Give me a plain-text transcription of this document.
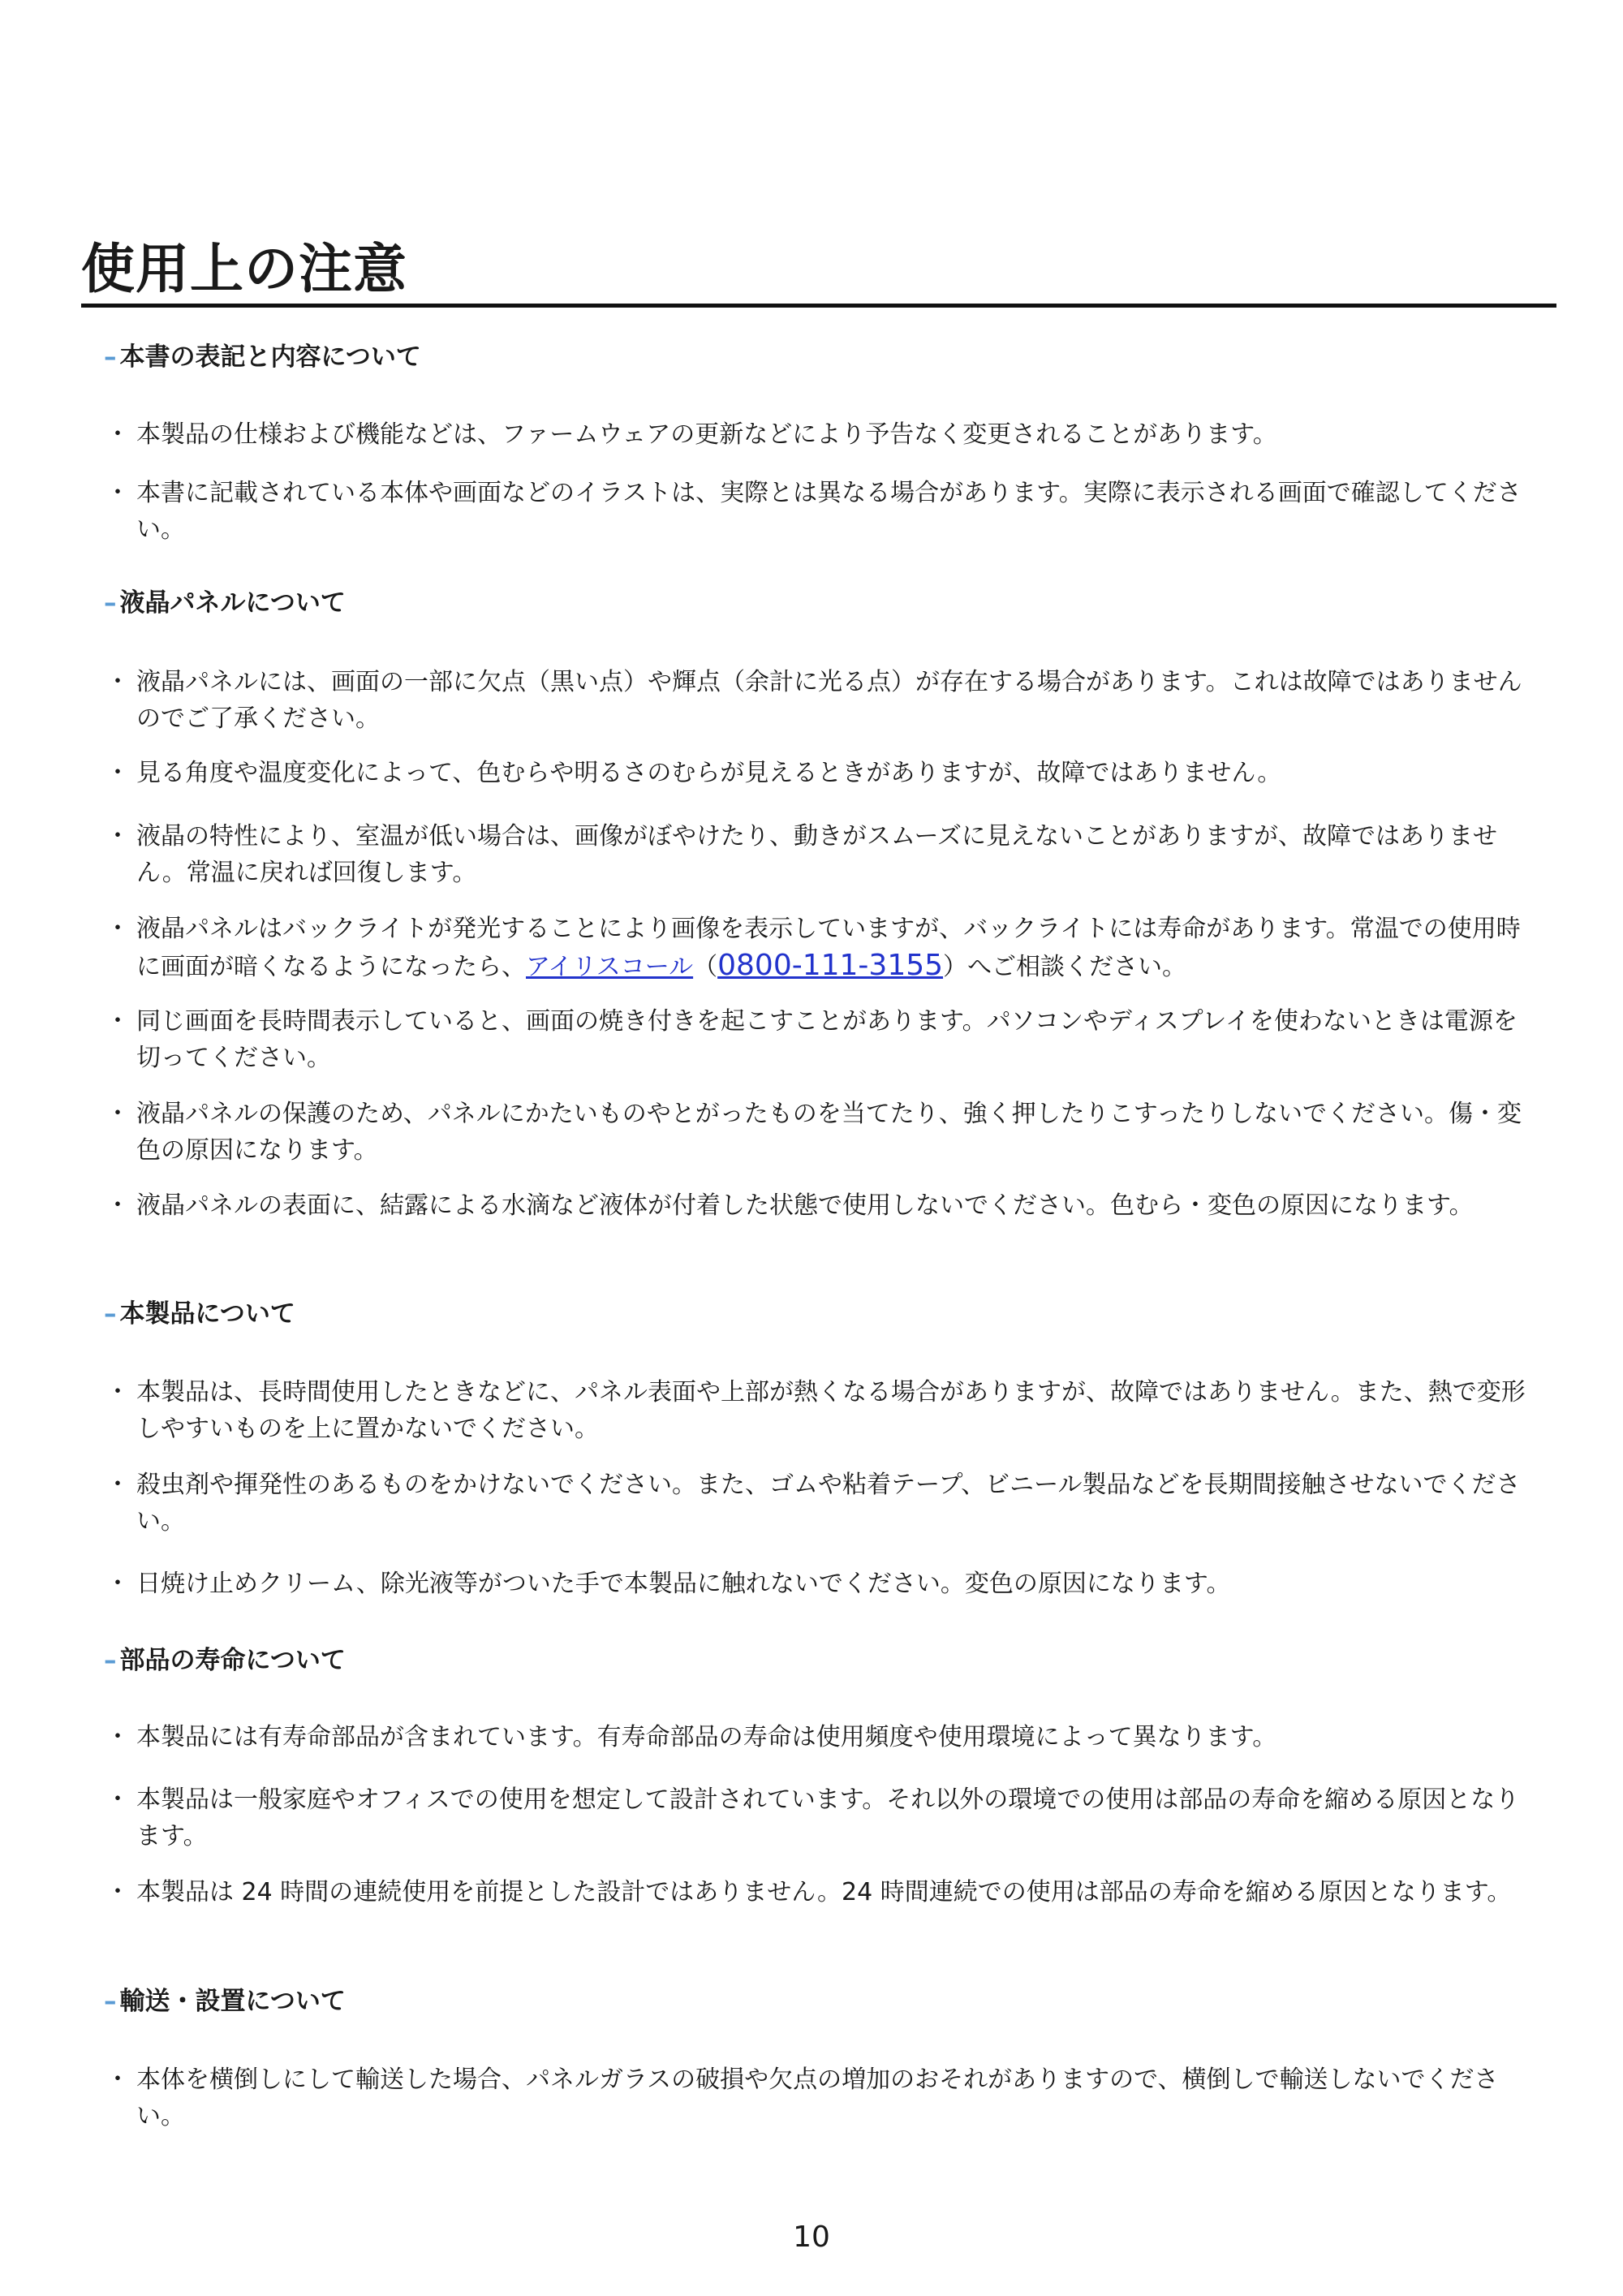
使用上の注意
– 本書の表記と内容について

・ 本製品の仕様および機能などは、ファームウェアの更新などにより予告なく変更されることがあります。

・ 本書に記載されている本体や画面などのイラストは、実際とは異なる場合があります。実際に表示される画面で確認してください。

– 液晶パネルについて

・ 液晶パネルには、画面の一部に欠点（黒い点）や輝点（余計に光る点）が存在する場合があります。これは故障ではありませんのでご了承ください。

・ 見る角度や温度変化によって、色むらや明るさのむらが見えるときがありますが、故障ではありません。

・ 液晶の特性により、室温が低い場合は、画像がぼやけたり、動きがスムーズに見えないことがありますが、故障ではありません。常温に戻れば回復します。

・ 液晶パネルはバックライトが発光することにより画像を表示していますが、バックライトには寿命があります。常温での使用時に画面が暗くなるようになったら、アイリスコール（0800-111-3155）へご相談ください。

・ 同じ画面を長時間表示していると、画面の焼き付きを起こすことがあります。パソコンやディスプレイを使わないときは電源を切ってください。

・ 液晶パネルの保護のため、パネルにかたいものやとがったものを当てたり、強く押したりこすったりしないでください。傷・変色の原因になります。

・ 液晶パネルの表面に、結露による水滴など液体が付着した状態で使用しないでください。色むら・変色の原因になります。

– 本製品について

・ 本製品は、長時間使用したときなどに、パネル表面や上部が熱くなる場合がありますが、故障ではありません。また、熱で変形しやすいものを上に置かないでください。

・ 殺虫剤や揮発性のあるものをかけないでください。また、ゴムや粘着テープ、ビニール製品などを長期間接触させないでください。

・ 日焼け止めクリーム、除光液等がついた手で本製品に触れないでください。変色の原因になります。

– 部品の寿命について

・ 本製品には有寿命部品が含まれています。有寿命部品の寿命は使用頻度や使用環境によって異なります。

・ 本製品は一般家庭やオフィスでの使用を想定して設計されています。それ以外の環境での使用は部品の寿命を縮める原因となります。

・ 本製品は 24 時間の連続使用を前提とした設計ではありません。24 時間連続での使用は部品の寿命を縮める原因となります。

– 輸送・設置について

・ 本体を横倒しにして輸送した場合、パネルガラスの破損や欠点の増加のおそれがありますので、横倒しで輸送しないでください。

10
